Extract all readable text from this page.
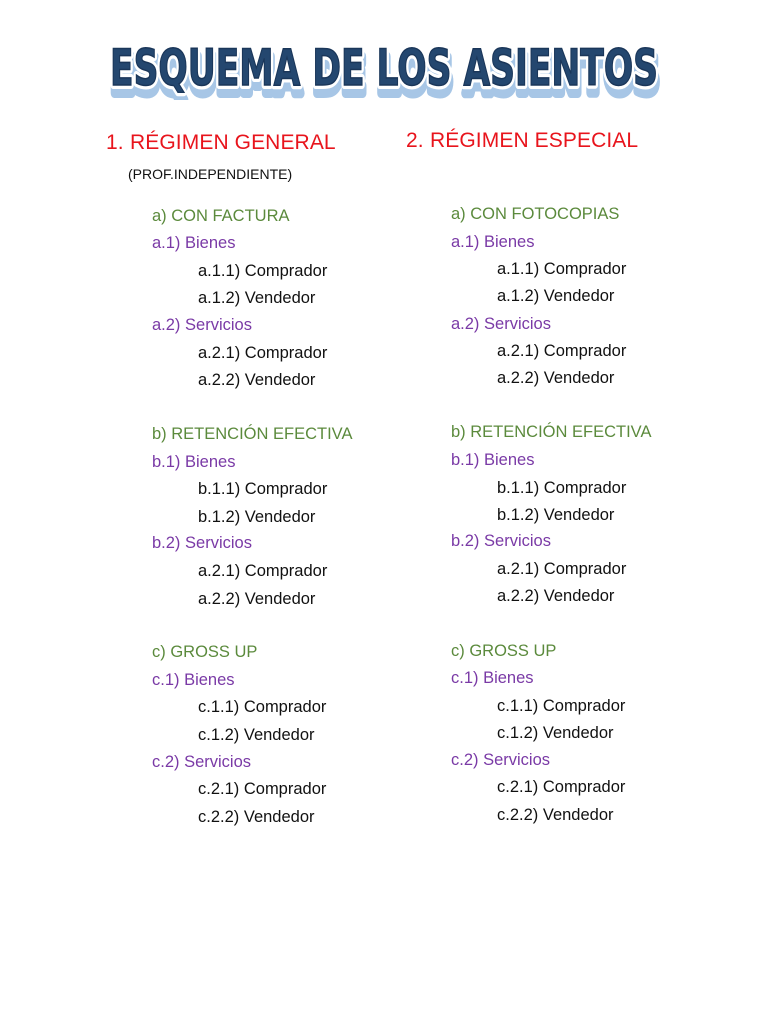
ESQUEMA DE LOS ASIENTOS
ESQUEMA DE LOS ASIENTOS
ESQUEMA DE LOS ASIENTOS
1. RÉGIMEN GENERAL
(PROF.INDEPENDIENTE)
2. RÉGIMEN ESPECIAL
a) CON FACTURA
a.1) Bienes
a.1.1) Comprador
a.1.2) Vendedor
a.2) Servicios
a.2.1) Comprador
a.2.2) Vendedor
b) RETENCIÓN EFECTIVA
b.1) Bienes
b.1.1) Comprador
b.1.2) Vendedor
b.2) Servicios
a.2.1) Comprador
a.2.2) Vendedor
c) GROSS UP
c.1) Bienes
c.1.1) Comprador
c.1.2) Vendedor
c.2) Servicios
c.2.1) Comprador
c.2.2) Vendedor
a) CON FOTOCOPIAS
a.1) Bienes
a.1.1) Comprador
a.1.2) Vendedor
a.2) Servicios
a.2.1) Comprador
a.2.2) Vendedor
b) RETENCIÓN EFECTIVA
b.1) Bienes
b.1.1) Comprador
b.1.2) Vendedor
b.2) Servicios
a.2.1) Comprador
a.2.2) Vendedor
c) GROSS UP
c.1) Bienes
c.1.1) Comprador
c.1.2) Vendedor
c.2) Servicios
c.2.1) Comprador
c.2.2) Vendedor
